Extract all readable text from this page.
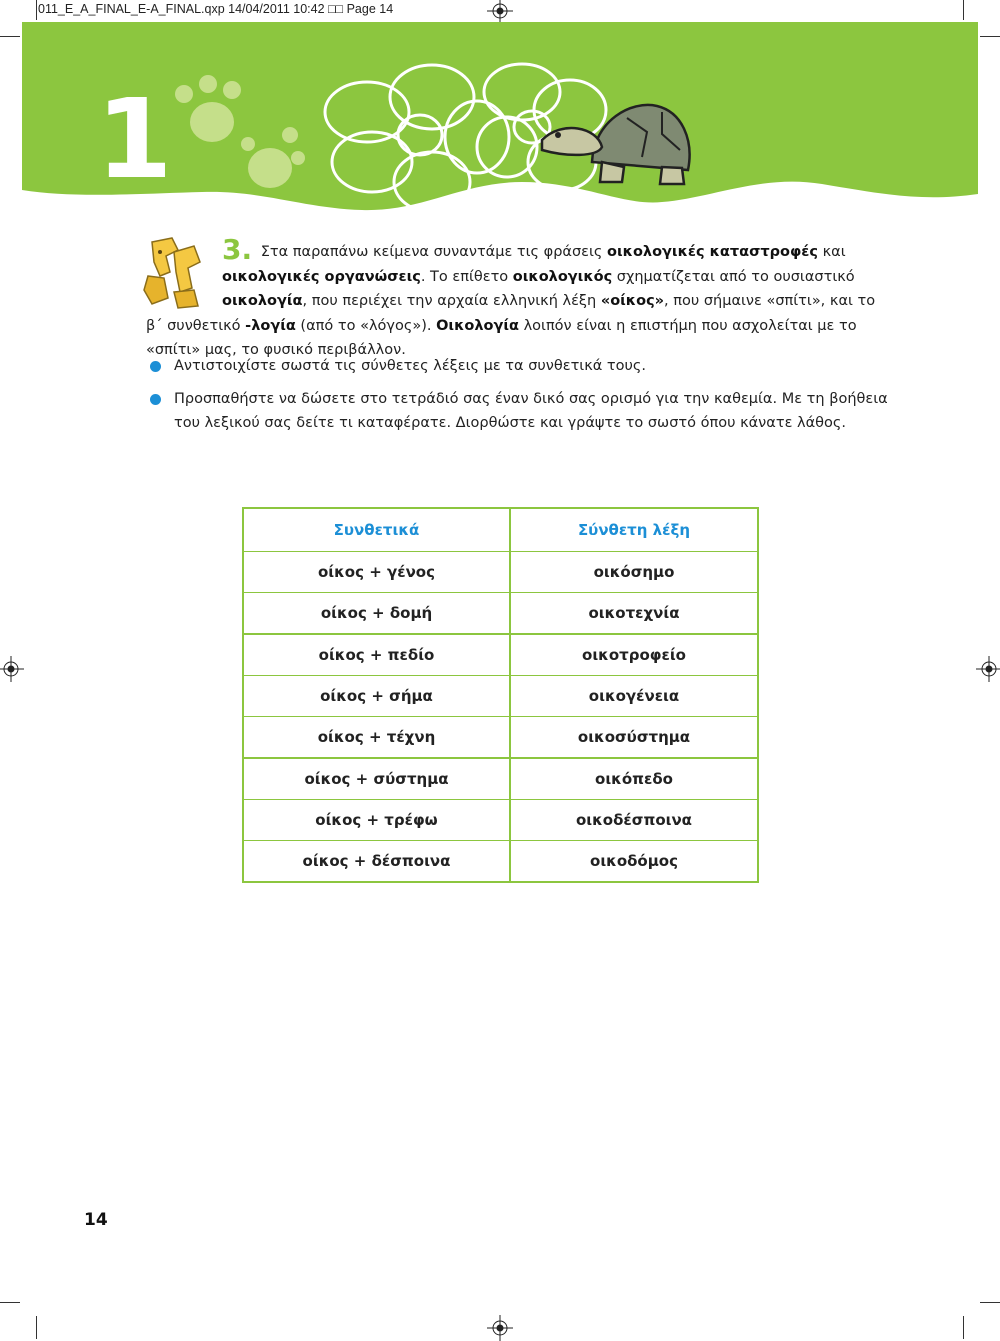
011_E_A_FINAL_E-A_FINAL.qxp 14/04/2011 10:42 □□ Page 14
1
3. Στα παραπάνω κείμενα συναντάμε τις φράσεις οικολογικές καταστροφές και οικολογικές οργανώσεις. Το επίθετο οικολογικός σχηματίζεται από το ουσιαστικό οικολογία, που περιέχει την αρχαία ελληνική λέξη «οίκος», που σήμαινε «σπίτι», και το β΄ συνθετικό -λογία (από το «λόγος»). Οικολογία λοιπόν είναι η επιστήμη που ασχολείται με το «σπίτι» μας, το φυσικό περιβάλλον.
Αντιστοιχίστε σωστά τις σύνθετες λέξεις με τα συνθετικά τους.
Προσπαθήστε να δώσετε στο τετράδιό σας έναν δικό σας ορισμό για την καθεμία. Με τη βοήθεια του λεξικού σας δείτε τι καταφέρατε. Διορθώστε και γράψτε το σωστό όπου κάνατε λάθος.
Συνθετικά	Σύνθετη λέξη
οίκος + γένος	οικόσημο
οίκος + δομή	οικοτεχνία
οίκος + πεδίο	οικοτροφείο
οίκος + σήμα	οικογένεια
οίκος + τέχνη	οικοσύστημα
οίκος + σύστημα	οικόπεδο
οίκος + τρέφω	οικοδέσποινα
οίκος + δέσποινα	οικοδόμος
14
